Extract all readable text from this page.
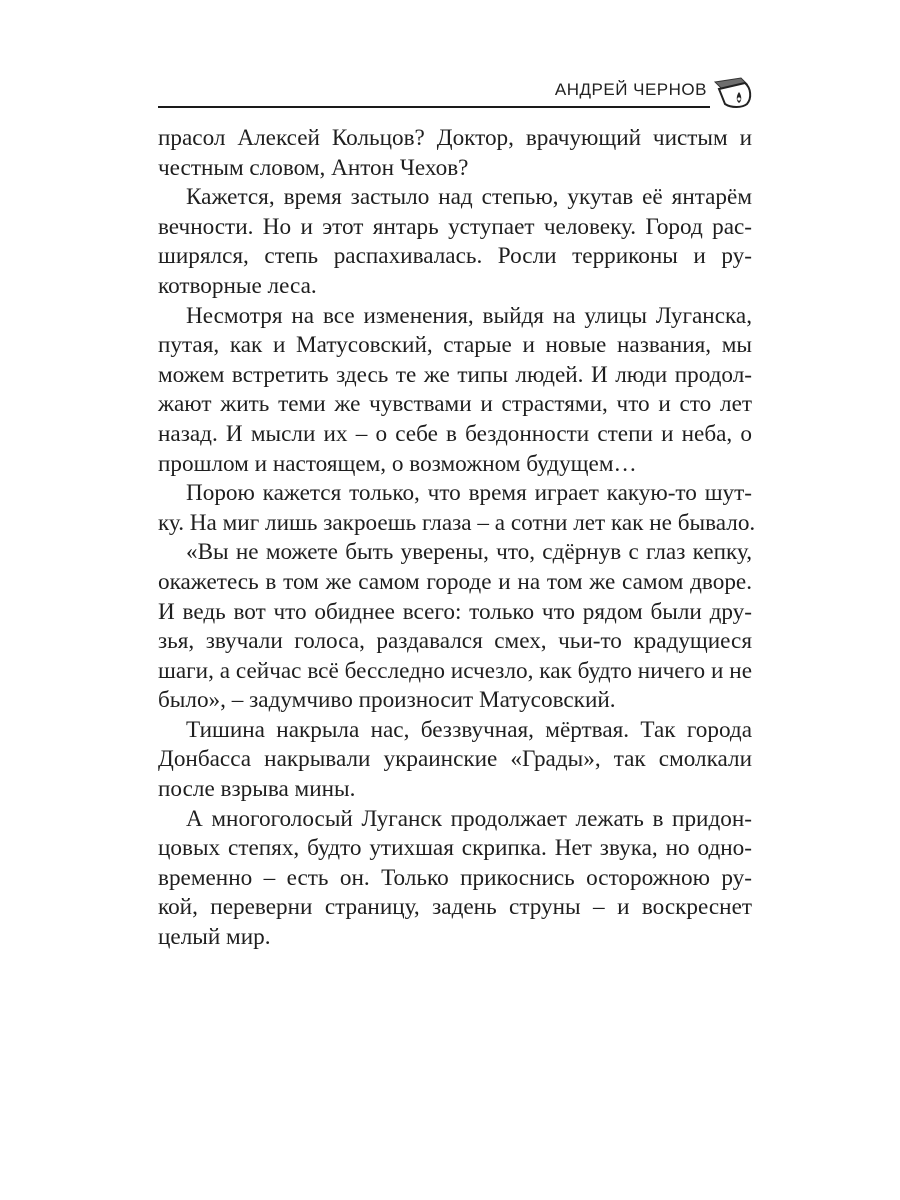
АНДРЕЙ ЧЕРНОВ
прасол Алексей Кольцов? Доктор, врачующий чистым и
честным словом, Антон Чехов?
Кажется, время застыло над степью, укутав её янтарём
вечности. Но и этот янтарь уступает человеку. Город рас-
ширялся, степь распахивалась. Росли терриконы и ру-
котворные леса.
Несмотря на все изменения, выйдя на улицы Луганска,
путая, как и Матусовский, старые и новые названия, мы
можем встретить здесь те же типы людей. И люди продол-
жают жить теми же чувствами и страстями, что и сто лет
назад. И мысли их – о себе в бездонности степи и неба, о
прошлом и настоящем, о возможном будущем…
Порою кажется только, что время играет какую-то шут-
ку. На миг лишь закроешь глаза – а сотни лет как не бывало.
«Вы не можете быть уверены, что, сдёрнув с глаз кепку,
окажетесь в том же самом городе и на том же самом дворе.
И ведь вот что обиднее всего: только что рядом были дру-
зья, звучали голоса, раздавался смех, чьи-то крадущиеся
шаги, а сейчас всё бесследно исчезло, как будто ничего и не
было», – задумчиво произносит Матусовский.
Тишина накрыла нас, беззвучная, мёртвая. Так города
Донбасса накрывали украинские «Грады», так смолкали
после взрыва мины.
А многоголосый Луганск продолжает лежать в придон-
цовых степях, будто утихшая скрипка. Нет звука, но одно-
временно – есть он. Только прикоснись осторожною ру-
кой, переверни страницу, задень струны – и воскреснет
целый мир.
